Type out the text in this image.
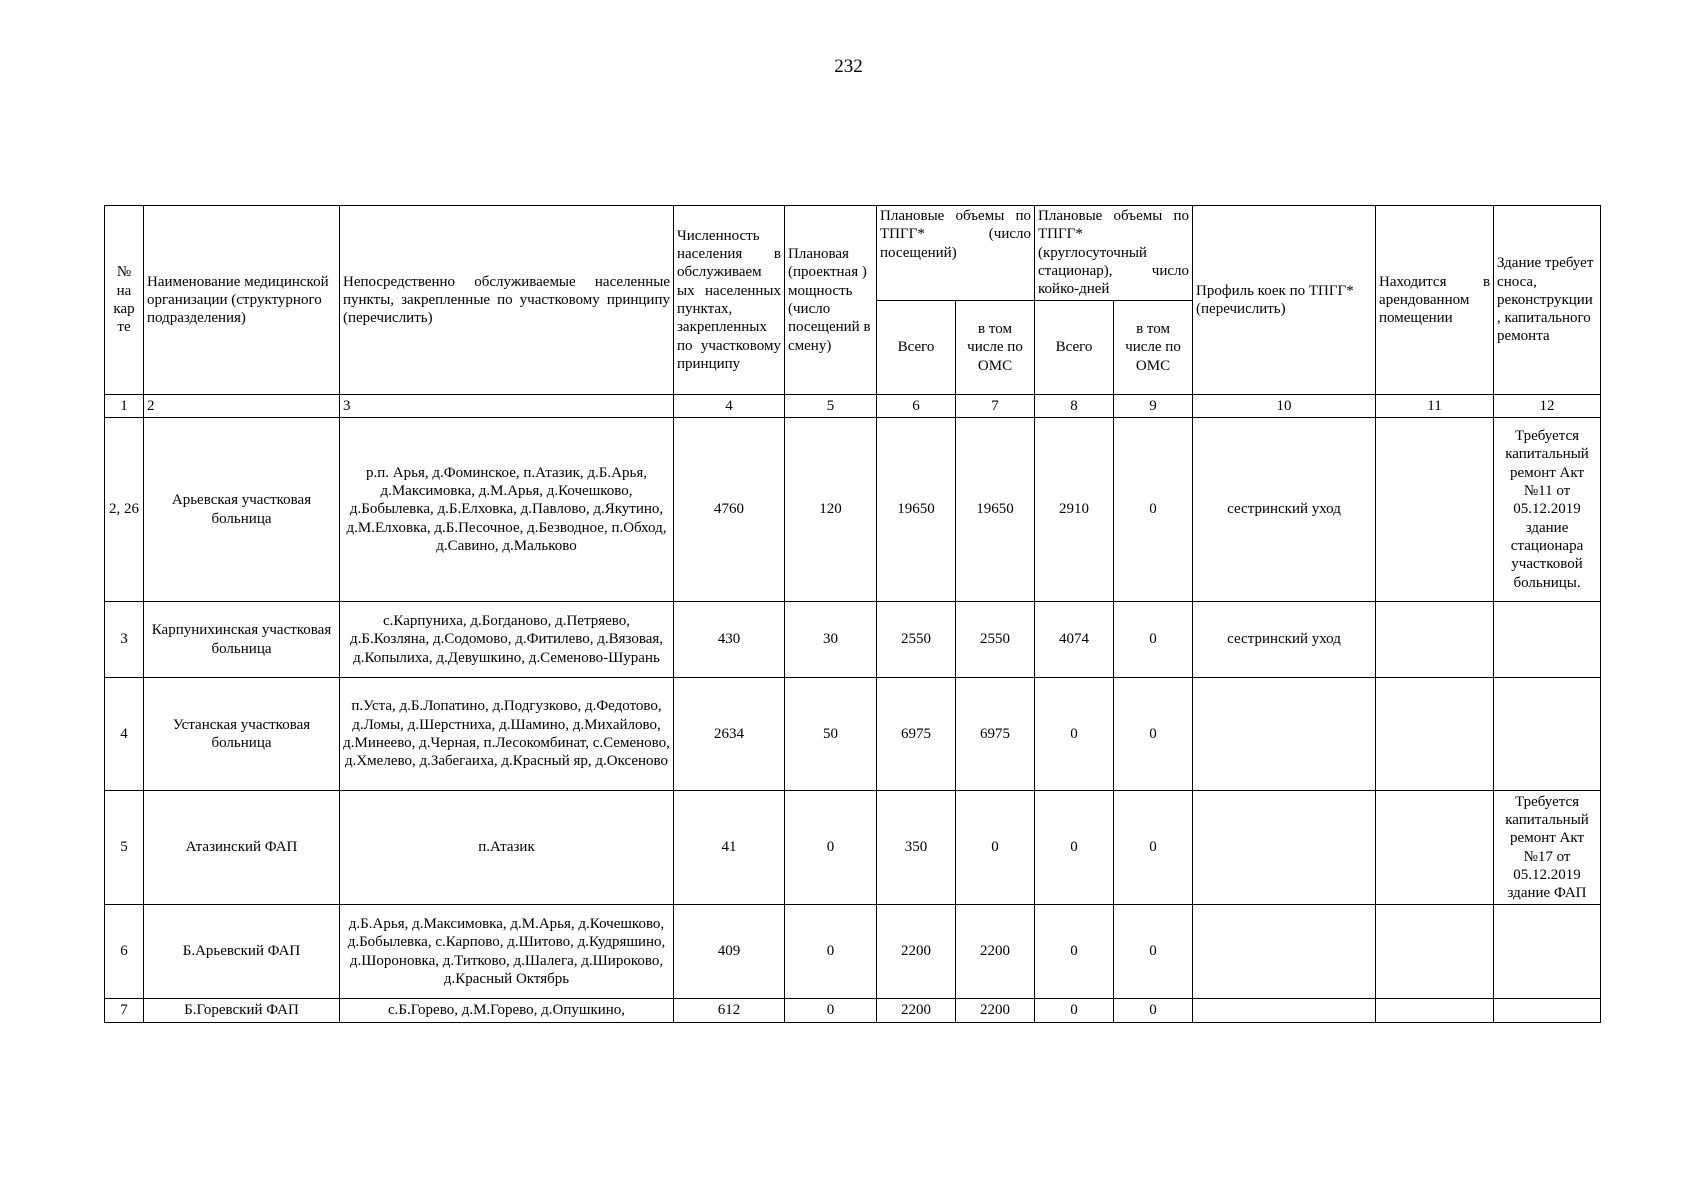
232
№ на кар те	Наименование медицинской организации (структурного подразделения)	Непосредственно обслуживаемые населенные пункты, закрепленные по участковому принципу (перечислить)	Численность населения в обслуживаем ых населенных пунктах, закрепленных по участковому принципу	Плановая (проектная ) мощность (число посещений в смену)	Плановые объемы по ТПГГ* (число посещений)		Плановые объемы по ТПГГ* (круглосуточный стационар), число койко-дней		Профиль коек по ТПГГ* (перечислить)	Находится в арендованном помещении	Здание требует сноса, реконструкции , капитального ремонта
					Всего	в том числе по ОМС	Всего	в том числе по ОМС			
1	2	3	4	5	6	7	8	9	10	11	12
2, 26	Арьевская участковая больница	р.п. Арья, д.Фоминское, п.Атазик, д.Б.Арья, д.Максимовка, д.М.Арья, д.Кочешково, д.Бобылевка, д.Б.Елховка, д.Павлово, д.Якутино, д.М.Елховка, д.Б.Песочное, д.Безводное, п.Обход, д.Савино, д.Мальково	4760	120	19650	19650	2910	0	сестринский уход		Требуется капитальный ремонт Акт №11 от 05.12.2019 здание стационара участковой больницы.
3	Карпунихинская участковая больница	с.Карпуниха, д.Богданово, д.Петряево, д.Б.Козляна, д.Содомово, д.Фитилево, д.Вязовая, д.Копылиха, д.Девушкино, д.Семеново-Шурань	430	30	2550	2550	4074	0	сестринский уход		
4	Устанская участковая больница	п.Уста, д.Б.Лопатино, д.Подгузково, д.Федотово, д.Ломы, д.Шерстниха, д.Шамино, д.Михайлово, д.Минеево, д.Черная, п.Лесокомбинат, с.Семеново, д.Хмелево, д.Забегаиха, д.Красный яр, д.Оксеново	2634	50	6975	6975	0	0			
5	Атазинский ФАП	п.Атазик	41	0	350	0	0	0			Требуется капитальный ремонт Акт №17 от 05.12.2019 здание ФАП
6	Б.Арьевский ФАП	д.Б.Арья, д.Максимовка, д.М.Арья, д.Кочешково, д.Бобылевка, с.Карпово, д.Шитово, д.Кудряшино, д.Шороновка, д.Титково, д.Шалега, д.Широково, д.Красный Октябрь	409	0	2200	2200	0	0			
7	Б.Горевский ФАП	с.Б.Горево, д.М.Горево, д.Опушкино,	612	0	2200	2200	0	0			
